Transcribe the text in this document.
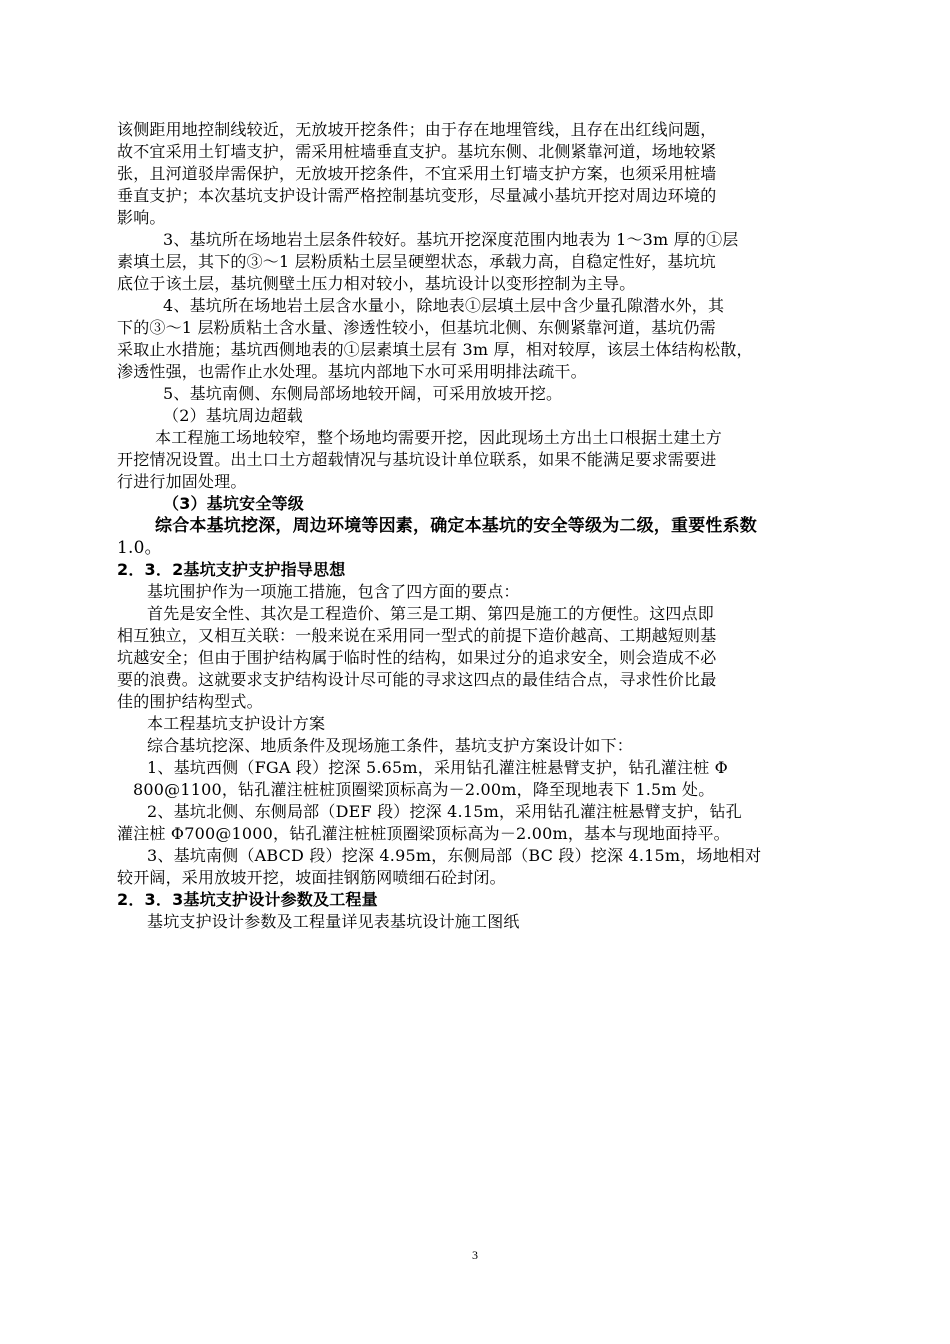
该侧距用地控制线较近，无放坡开挖条件；由于存在地埋管线，且存在出红线问题，
故不宜采用土钉墙支护，需采用桩墙垂直支护。基坑东侧、北侧紧靠河道，场地较紧
张，且河道驳岸需保护，无放坡开挖条件，不宜采用土钉墙支护方案，也须采用桩墙
垂直支护；本次基坑支护设计需严格控制基坑变形，尽量减小基坑开挖对周边环境的
影响。
3、基坑所在场地岩土层条件较好。基坑开挖深度范围内地表为 1～3m 厚的①层
素填土层，其下的③～1 层粉质粘土层呈硬塑状态，承载力高，自稳定性好，基坑坑
底位于该土层，基坑侧壁土压力相对较小，基坑设计以变形控制为主导。
4、基坑所在场地岩土层含水量小，除地表①层填土层中含少量孔隙潜水外，其
下的③～1 层粉质粘土含水量、渗透性较小，但基坑北侧、东侧紧靠河道，基坑仍需
采取止水措施；基坑西侧地表的①层素填土层有 3m 厚，相对较厚，该层土体结构松散，
渗透性强，也需作止水处理。基坑内部地下水可采用明排法疏干。
5、基坑南侧、东侧局部场地较开阔，可采用放坡开挖。
（2）基坑周边超载
本工程施工场地较窄，整个场地均需要开挖，因此现场土方出土口根据土建土方
开挖情况设置。出土口土方超载情况与基坑设计单位联系，如果不能满足要求需要进
行进行加固处理。
（3）基坑安全等级
综合本基坑挖深，周边环境等因素，确定本基坑的安全等级为二级，重要性系数
1.0。
2．3．2基坑支护支护指导思想
基坑围护作为一项施工措施，包含了四方面的要点：
首先是安全性、其次是工程造价、第三是工期、第四是施工的方便性。这四点即
相互独立，又相互关联：一般来说在采用同一型式的前提下造价越高、工期越短则基
坑越安全；但由于围护结构属于临时性的结构，如果过分的追求安全，则会造成不必
要的浪费。这就要求支护结构设计尽可能的寻求这四点的最佳结合点，寻求性价比最
佳的围护结构型式。
本工程基坑支护设计方案
综合基坑挖深、地质条件及现场施工条件，基坑支护方案设计如下：
1、基坑西侧（FGA 段）挖深 5.65m，采用钻孔灌注桩悬臂支护，钻孔灌注桩 Φ
800@1100，钻孔灌注桩桩顶圈梁顶标高为－2.00m，降至现地表下 1.5m 处。
2、基坑北侧、东侧局部（DEF 段）挖深 4.15m，采用钻孔灌注桩悬臂支护，钻孔
灌注桩 Φ700@1000，钻孔灌注桩桩顶圈梁顶标高为－2.00m，基本与现地面持平。
3、基坑南侧（ABCD 段）挖深 4.95m，东侧局部（BC 段）挖深 4.15m，场地相对
较开阔，采用放坡开挖，坡面挂钢筋网喷细石砼封闭。
2．3．3基坑支护设计参数及工程量
基坑支护设计参数及工程量详见表基坑设计施工图纸
3
